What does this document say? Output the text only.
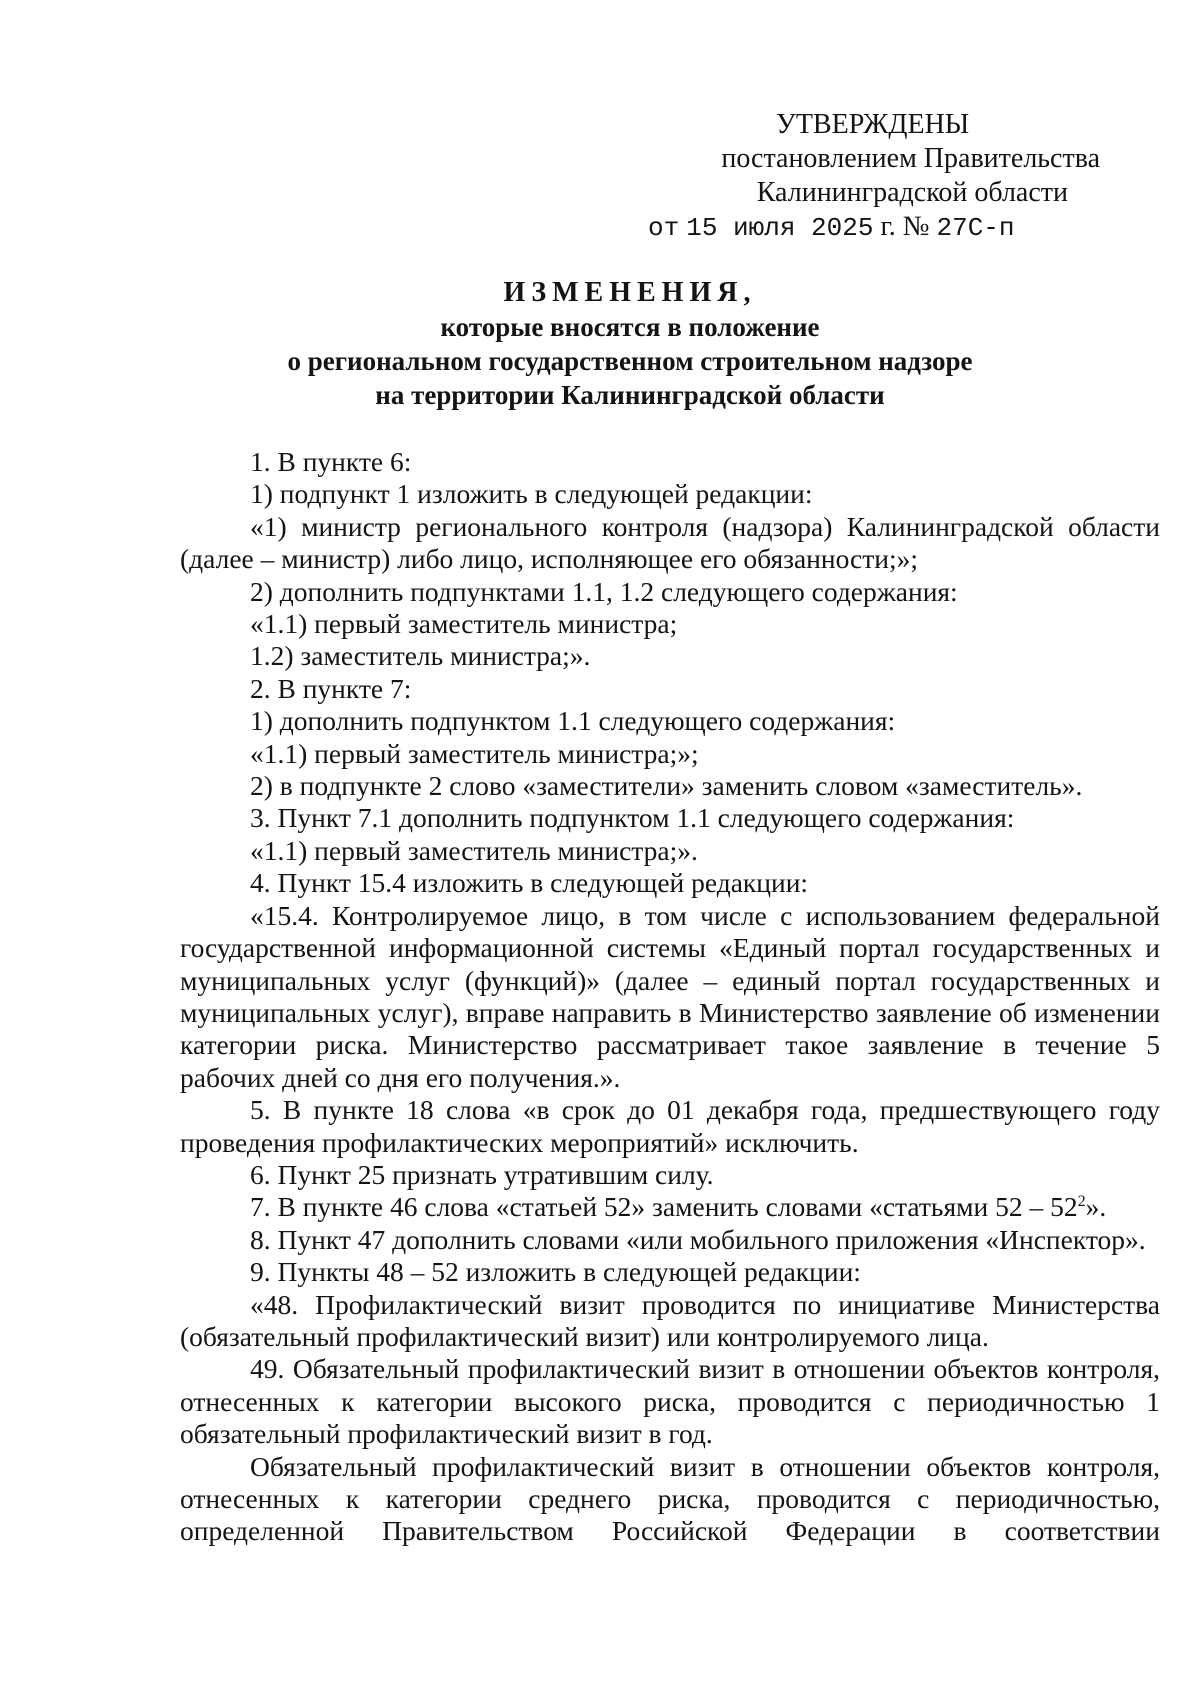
УТВЕРЖДЕНЫ
постановлением Правительства
Калининградской области
от 15 июля 2025 г. № 27С-п
ИЗМЕНЕНИЯ,
которые вносятся в положение
о региональном государственном строительном надзоре
на территории Калининградской области

1. В пункте 6:

1) подпункт 1 изложить в следующей редакции:

«1) министр регионального контроля (надзора) Калининградской области (далее – министр) либо лицо, исполняющее его обязанности;»;

2) дополнить подпунктами 1.1, 1.2 следующего содержания:

«1.1) первый заместитель министра;

1.2) заместитель министра;».

2. В пункте 7:

1) дополнить подпунктом 1.1 следующего содержания:

«1.1) первый заместитель министра;»;

2) в подпункте 2 слово «заместители» заменить словом «заместитель».

3. Пункт 7.1 дополнить подпунктом 1.1 следующего содержания:

«1.1) первый заместитель министра;».

4. Пункт 15.4 изложить в следующей редакции:

«15.4. Контролируемое лицо, в том числе с использованием федеральной государственной информационной системы «Единый портал государственных и муниципальных услуг (функций)» (далее – единый портал государственных и муниципальных услуг), вправе направить в Министерство заявление об изменении категории риска. Министерство рассматривает такое заявление в течение 5 рабочих дней со дня его получения.».

5. В пункте 18 слова «в срок до 01 декабря года, предшествующего году проведения профилактических мероприятий» исключить.

6. Пункт 25 признать утратившим силу.

7. В пункте 46 слова «статьей 52» заменить словами «статьями $52 - 52^2$».

8. Пункт 47 дополнить словами «или мобильного приложения «Инспектор».

9. Пункты 48 – 52 изложить в следующей редакции:

«48. Профилактический визит проводится по инициативе Министерства (обязательный профилактический визит) или контролируемого лица.

49. Обязательный профилактический визит в отношении объектов контроля, отнесенных к категории высокого риска, проводится с периодичностью 1 обязательный профилактический визит в год.

Обязательный профилактический визит в отношении объектов контроля, отнесенных к категории среднего риска, проводится с периодичностью, определенной Правительством Российской Федерации в соответствии
